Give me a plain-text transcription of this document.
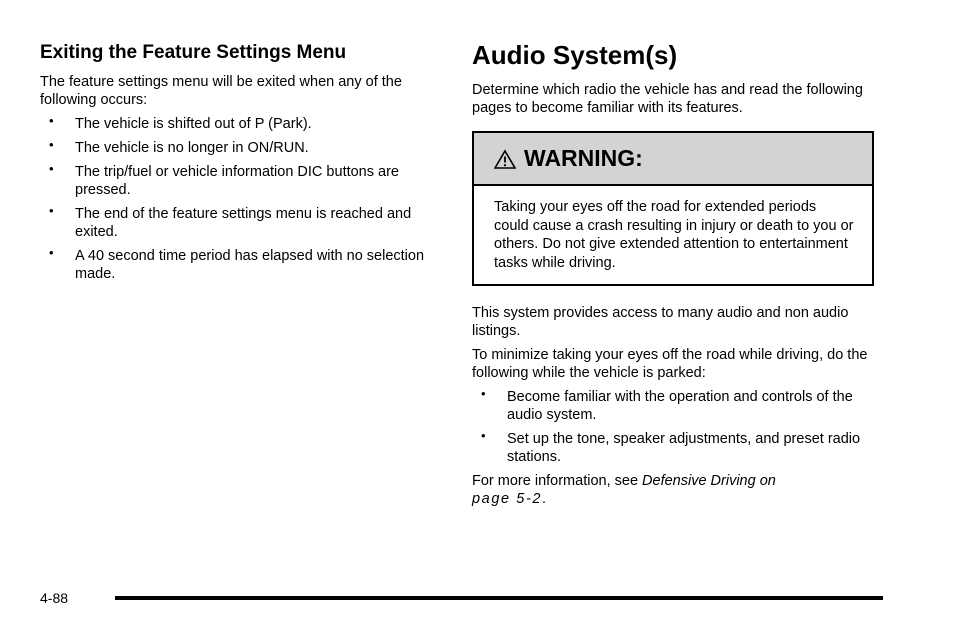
Exiting the Feature Settings Menu

The feature settings menu will be exited when any of the following occurs:

• The vehicle is shifted out of P (Park).
• The vehicle is no longer in ON/RUN.
• The trip/fuel or vehicle information DIC buttons are pressed.
• The end of the feature settings menu is reached and exited.
• A 40 second time period has elapsed with no selection made.
Audio System(s)

Determine which radio the vehicle has and read the following pages to become familiar with its features.

WARNING:
Taking your eyes off the road for extended periods could cause a crash resulting in injury or death to you or others. Do not give extended attention to entertainment tasks while driving.

This system provides access to many audio and non audio listings.

To minimize taking your eyes off the road while driving, do the following while the vehicle is parked:

• Become familiar with the operation and controls of the audio system.
• Set up the tone, speaker adjustments, and preset radio stations.

For more information, see Defensive Driving on
page 5-2.

4-88
